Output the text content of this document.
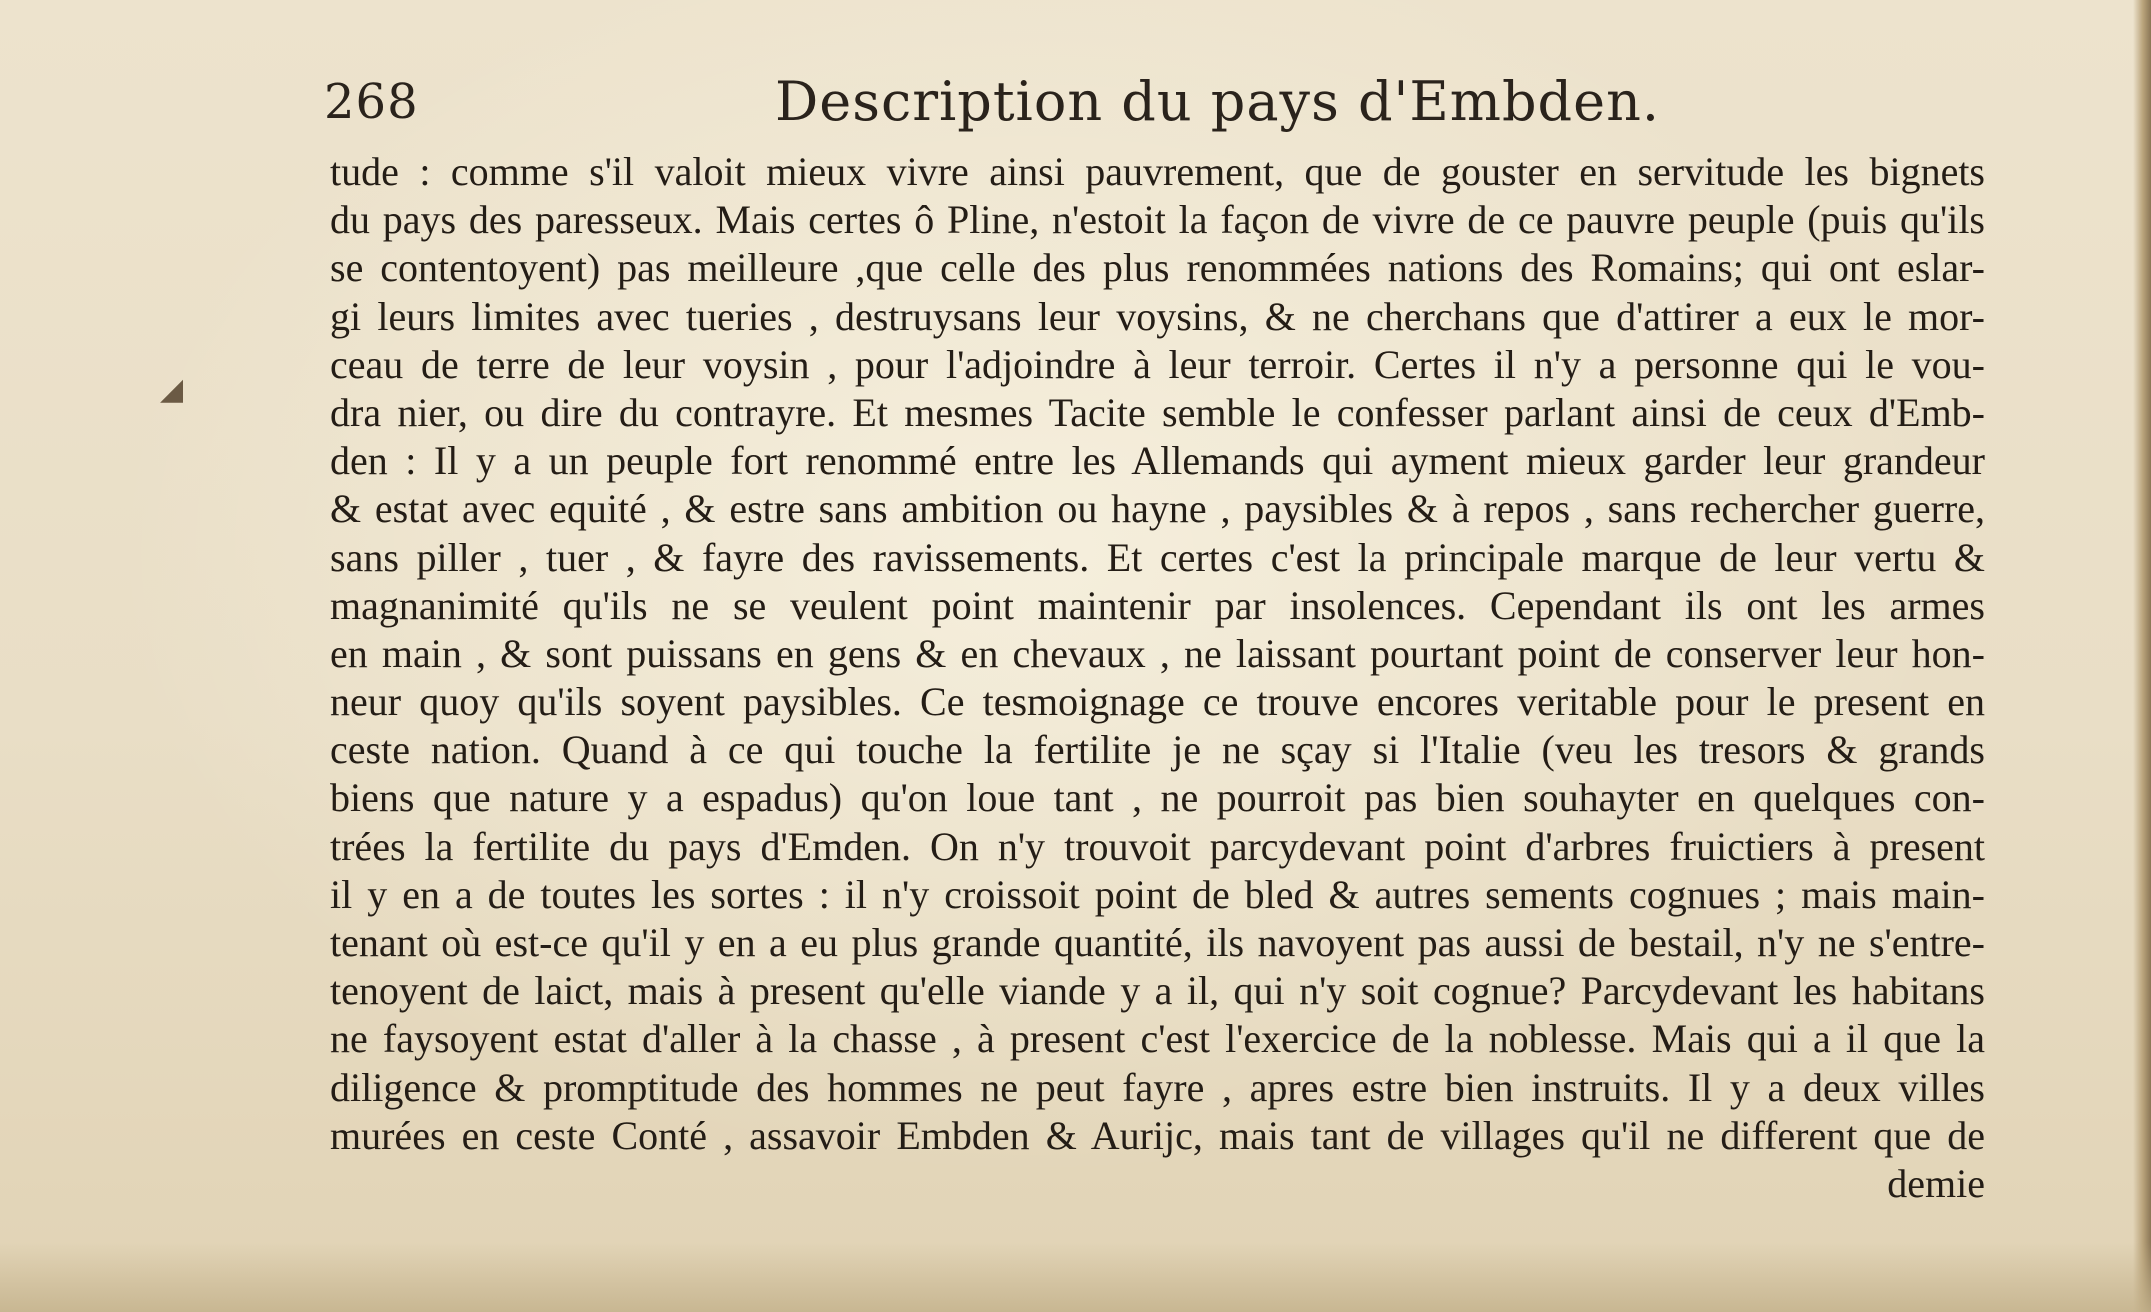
268	Description du pays d'Embden.
◢
tude : comme s'il valoit mieux vivre ainsi pauvrement, que de gouster en servitude les bignets
du pays des paresseux. Mais certes ô Pline, n'estoit la façon de vivre de ce pauvre peuple (puis qu'ils
se contentoyent) pas meilleure ,que celle des plus renommées nations des Romains; qui ont eslar-
gi leurs limites avec tueries , destruysans leur voysins, & ne cherchans que d'attirer a eux le mor-
ceau de terre de leur voysin , pour l'adjoindre à leur terroir. Certes il n'y a personne qui le vou-
dra nier, ou dire du contrayre. Et mesmes Tacite semble le confesser parlant ainsi de ceux d'Emb-
den : Il y a un peuple fort renommé entre les Allemands qui ayment mieux garder leur grandeur
& estat avec equité , & estre sans ambition ou hayne , paysibles & à repos , sans rechercher guerre,
sans piller , tuer , & fayre des ravissements. Et certes c'est la principale marque de leur vertu &
magnanimité qu'ils ne se veulent point maintenir par insolences. Cependant ils ont les armes
en main , & sont puissans en gens & en chevaux , ne laissant pourtant point de conserver leur hon-
neur quoy qu'ils soyent paysibles. Ce tesmoignage ce trouve encores veritable pour le present en
ceste nation. Quand à ce qui touche la fertilite je ne sçay si l'Italie (veu les tresors & grands
biens que nature y a espadus) qu'on loue tant , ne pourroit pas bien souhayter en quelques con-
trées la fertilite du pays d'Emden. On n'y trouvoit parcydevant point d'arbres fruictiers à present
il y en a de toutes les sortes : il n'y croissoit point de bled & autres sements cognues ; mais main-
tenant où est-ce qu'il y en a eu plus grande quantité, ils navoyent pas aussi de bestail, n'y ne s'entre-
tenoyent de laict, mais à present qu'elle viande y a il, qui n'y soit cognue? Parcydevant les habitans
ne faysoyent estat d'aller à la chasse , à present c'est l'exercice de la noblesse. Mais qui a il que la
diligence & promptitude des hommes ne peut fayre , apres estre bien instruits. Il y a deux villes
murées en ceste Conté , assavoir Embden & Aurijc, mais tant de villages qu'il ne different que de
demie
